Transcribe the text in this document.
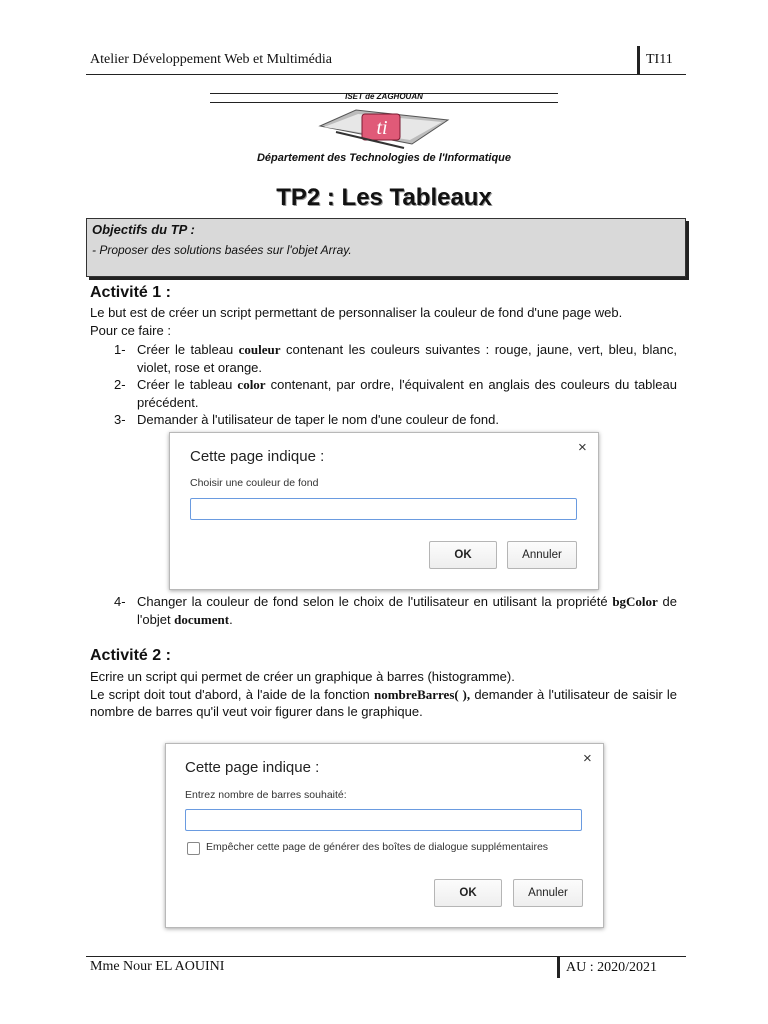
Atelier Développement Web et Multimédia	TI11
ISET de ZAGHOUAN
ti
Département des Technologies de l'Informatique
TP2 : Les Tableaux
Objectifs du TP :
- Proposer des solutions basées sur l'objet Array.
Activité 1 :
Le but est de créer un script permettant de personnaliser la couleur de fond d'une page web.
Pour ce faire :
1- Créer le tableau couleur contenant les couleurs suivantes : rouge, jaune, vert, bleu, blanc, violet, rose et orange.
2- Créer le tableau color contenant, par ordre, l'équivalent en anglais des couleurs du tableau précédent.
3- Demander à l'utilisateur de taper le nom d'une couleur de fond.
×
Cette page indique :
Choisir une couleur de fond
OK	Annuler
4- Changer la couleur de fond selon le choix de l'utilisateur en utilisant la propriété bgColor de l'objet document.
Activité 2 :
Ecrire un script qui permet de créer un graphique à barres (histogramme).
Le script doit tout d'abord, à l'aide de la fonction nombreBarres( ), demander à l'utilisateur de saisir le nombre de barres qu'il veut voir figurer dans le graphique.
×
Cette page indique :
Entrez nombre de barres souhaité:
Empêcher cette page de générer des boîtes de dialogue supplémentaires
OK	Annuler
Mme Nour EL AOUINI	AU : 2020/2021
